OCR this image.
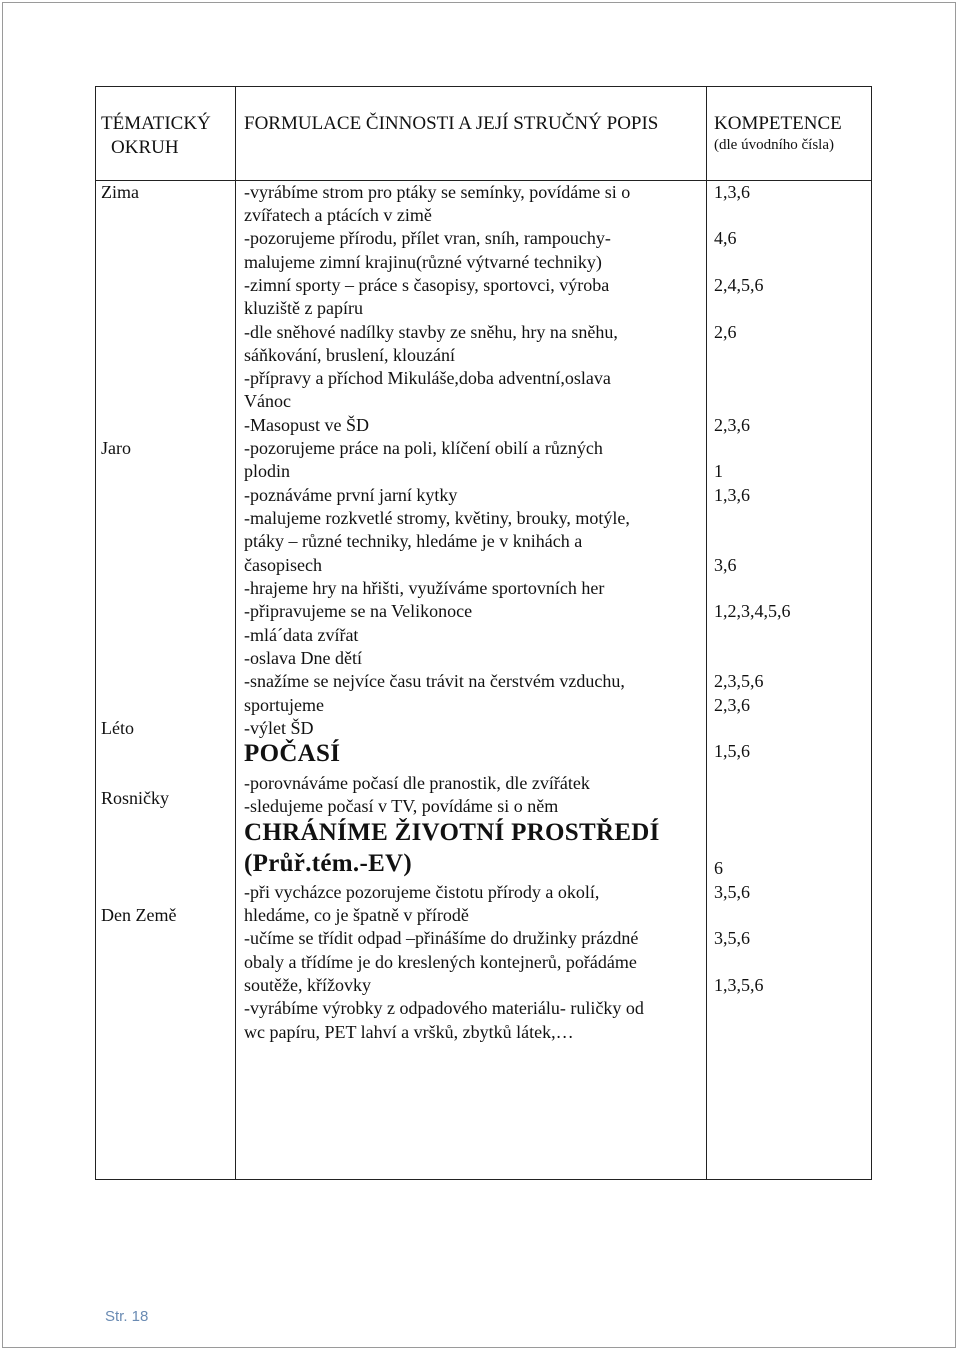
TÉMATICKÝ
OKRUH
FORMULACE ČINNOSTI A JEJÍ STRUČNÝ POPIS	KOMPETENCE
(dle úvodního čísla)
Zima
Jaro
Léto
Rosničky
Den Země
-vyrábíme strom pro ptáky se semínky, povídáme si o
zvířatech a ptácích v zimě
-pozorujeme přírodu, přílet vran, sníh, rampouchy-
malujeme zimní krajinu(různé výtvarné techniky)
-zimní sporty – práce s časopisy, sportovci, výroba
kluziště z papíru
-dle sněhové nadílky stavby ze sněhu, hry na sněhu,
sáňkování, bruslení, klouzání
-přípravy a příchod Mikuláše,doba adventní,oslava
Vánoc
-Masopust ve ŠD
-pozorujeme práce na poli, klíčení obilí a různých
plodin
-poznáváme první jarní kytky
-malujeme rozkvetlé stromy, květiny, brouky, motýle,
ptáky – různé techniky, hledáme je v knihách a
časopisech
-hrajeme hry na hřišti, využíváme sportovních her
-připravujeme se na Velikonoce
-mlá´data zvířat
-oslava Dne dětí
-snažíme se nejvíce času trávit na čerstvém vzduchu,
sportujeme
-výlet ŠD
POČASÍ
-porovnáváme počasí dle pranostik, dle zvířátek
-sledujeme počasí v TV, povídáme si o něm
CHRÁNÍME ŽIVOTNÍ PROSTŘEDÍ
(Průř.tém.-EV)
-při vycházce pozorujeme čistotu přírody a okolí,
hledáme, co je špatně v přírodě
-učíme se třídit odpad –přinášíme do družinky prázdné
obaly a třídíme je do kreslených kontejnerů, pořádáme
soutěže, křížovky
-vyrábíme výrobky z odpadového materiálu- ruličky od
wc papíru, PET lahví a vršků, zbytků látek,…
1,3,6
4,6
2,4,5,6
2,6
2,3,6
1
1,3,6
3,6
1,2,3,4,5,6
2,3,5,6
2,3,6
1,5,6
6
3,5,6
3,5,6
1,3,5,6
Str. 18
